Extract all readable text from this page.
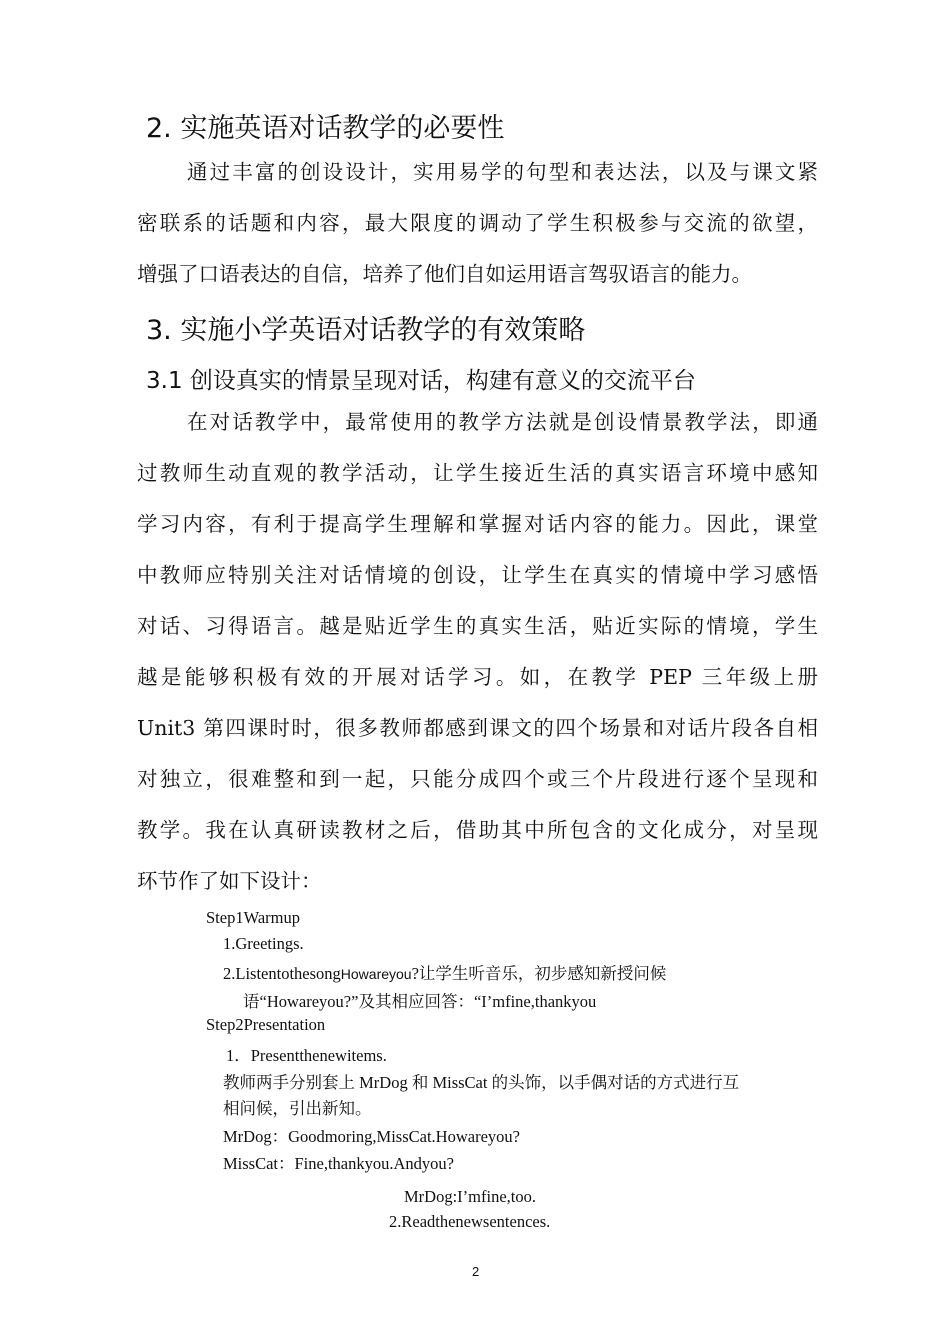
2. 实施英语对话教学的必要性
通过丰富的创设设计，实用易学的句型和表达法，以及与课文紧
密联系的话题和内容，最大限度的调动了学生积极参与交流的欲望，
增强了口语表达的自信，培养了他们自如运用语言驾驭语言的能力。
3. 实施小学英语对话教学的有效策略
3.1 创设真实的情景呈现对话，构建有意义的交流平台
在对话教学中，最常使用的教学方法就是创设情景教学法，即通
过教师生动直观的教学活动，让学生接近生活的真实语言环境中感知
学习内容，有利于提高学生理解和掌握对话内容的能力。因此，课堂
中教师应特别关注对话情境的创设，让学生在真实的情境中学习感悟
对话、习得语言。越是贴近学生的真实生活，贴近实际的情境，学生
越是能够积极有效的开展对话学习。如，在教学 PEP 三年级上册
Unit3 第四课时时，很多教师都感到课文的四个场景和对话片段各自相
对独立，很难整和到一起，只能分成四个或三个片段进行逐个呈现和
教学。我在认真研读教材之后，借助其中所包含的文化成分，对呈现
环节作了如下设计：
Step1Warmup
1.Greetings.
2.ListentothesongHowareyou?让学生听音乐，初步感知新授问候
语“Howareyou?”及其相应回答：“I’mfine,thankyou
Step2Presentation
1．Presentthenewitems.
教师两手分别套上 MrDog 和 MissCat 的头饰，以手偶对话的方式进行互
相问候，引出新知。
MrDog：Goodmoring,MissCat.Howareyou?
MissCat：Fine,thankyou.Andyou?
MrDog:I’mfine,too.
2.Readthenewsentences.
2
